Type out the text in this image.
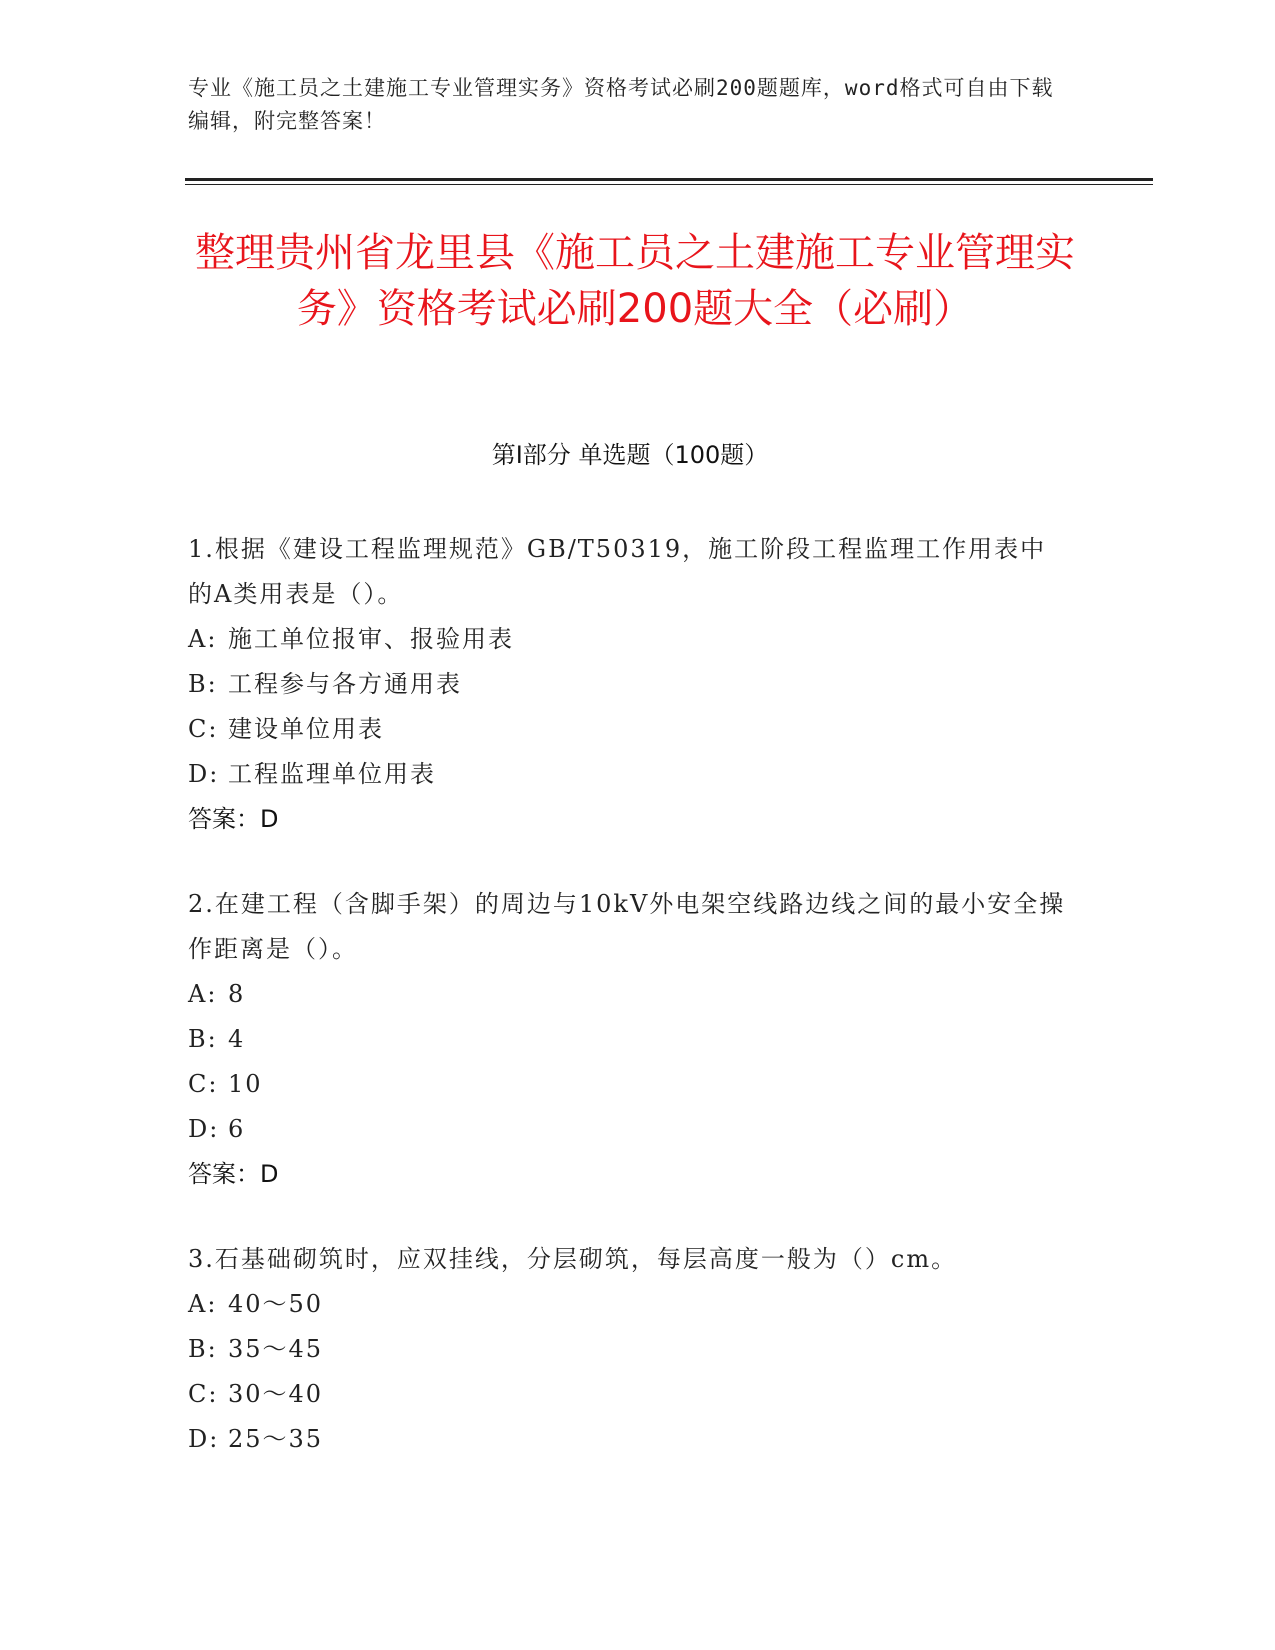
专业《施工员之土建施工专业管理实务》资格考试必刷200题题库，word格式可自由下载编辑，附完整答案！
整理贵州省龙里县《施工员之土建施工专业管理实务》资格考试必刷200题大全（必刷）
第Ⅰ部分 单选题（100题）
1.根据《建设工程监理规范》GB/T50319，施工阶段工程监理工作用表中的A类用表是（）。
A: 施工单位报审、报验用表
B: 工程参与各方通用表
C: 建设单位用表
D: 工程监理单位用表
答案：D
2.在建工程（含脚手架）的周边与10kV外电架空线路边线之间的最小安全操作距离是（）。
A: 8
B: 4
C: 10
D: 6
答案：D
3.石基础砌筑时，应双挂线，分层砌筑，每层高度一般为（）cm。
A: 40～50
B: 35～45
C: 30～40
D: 25～35
